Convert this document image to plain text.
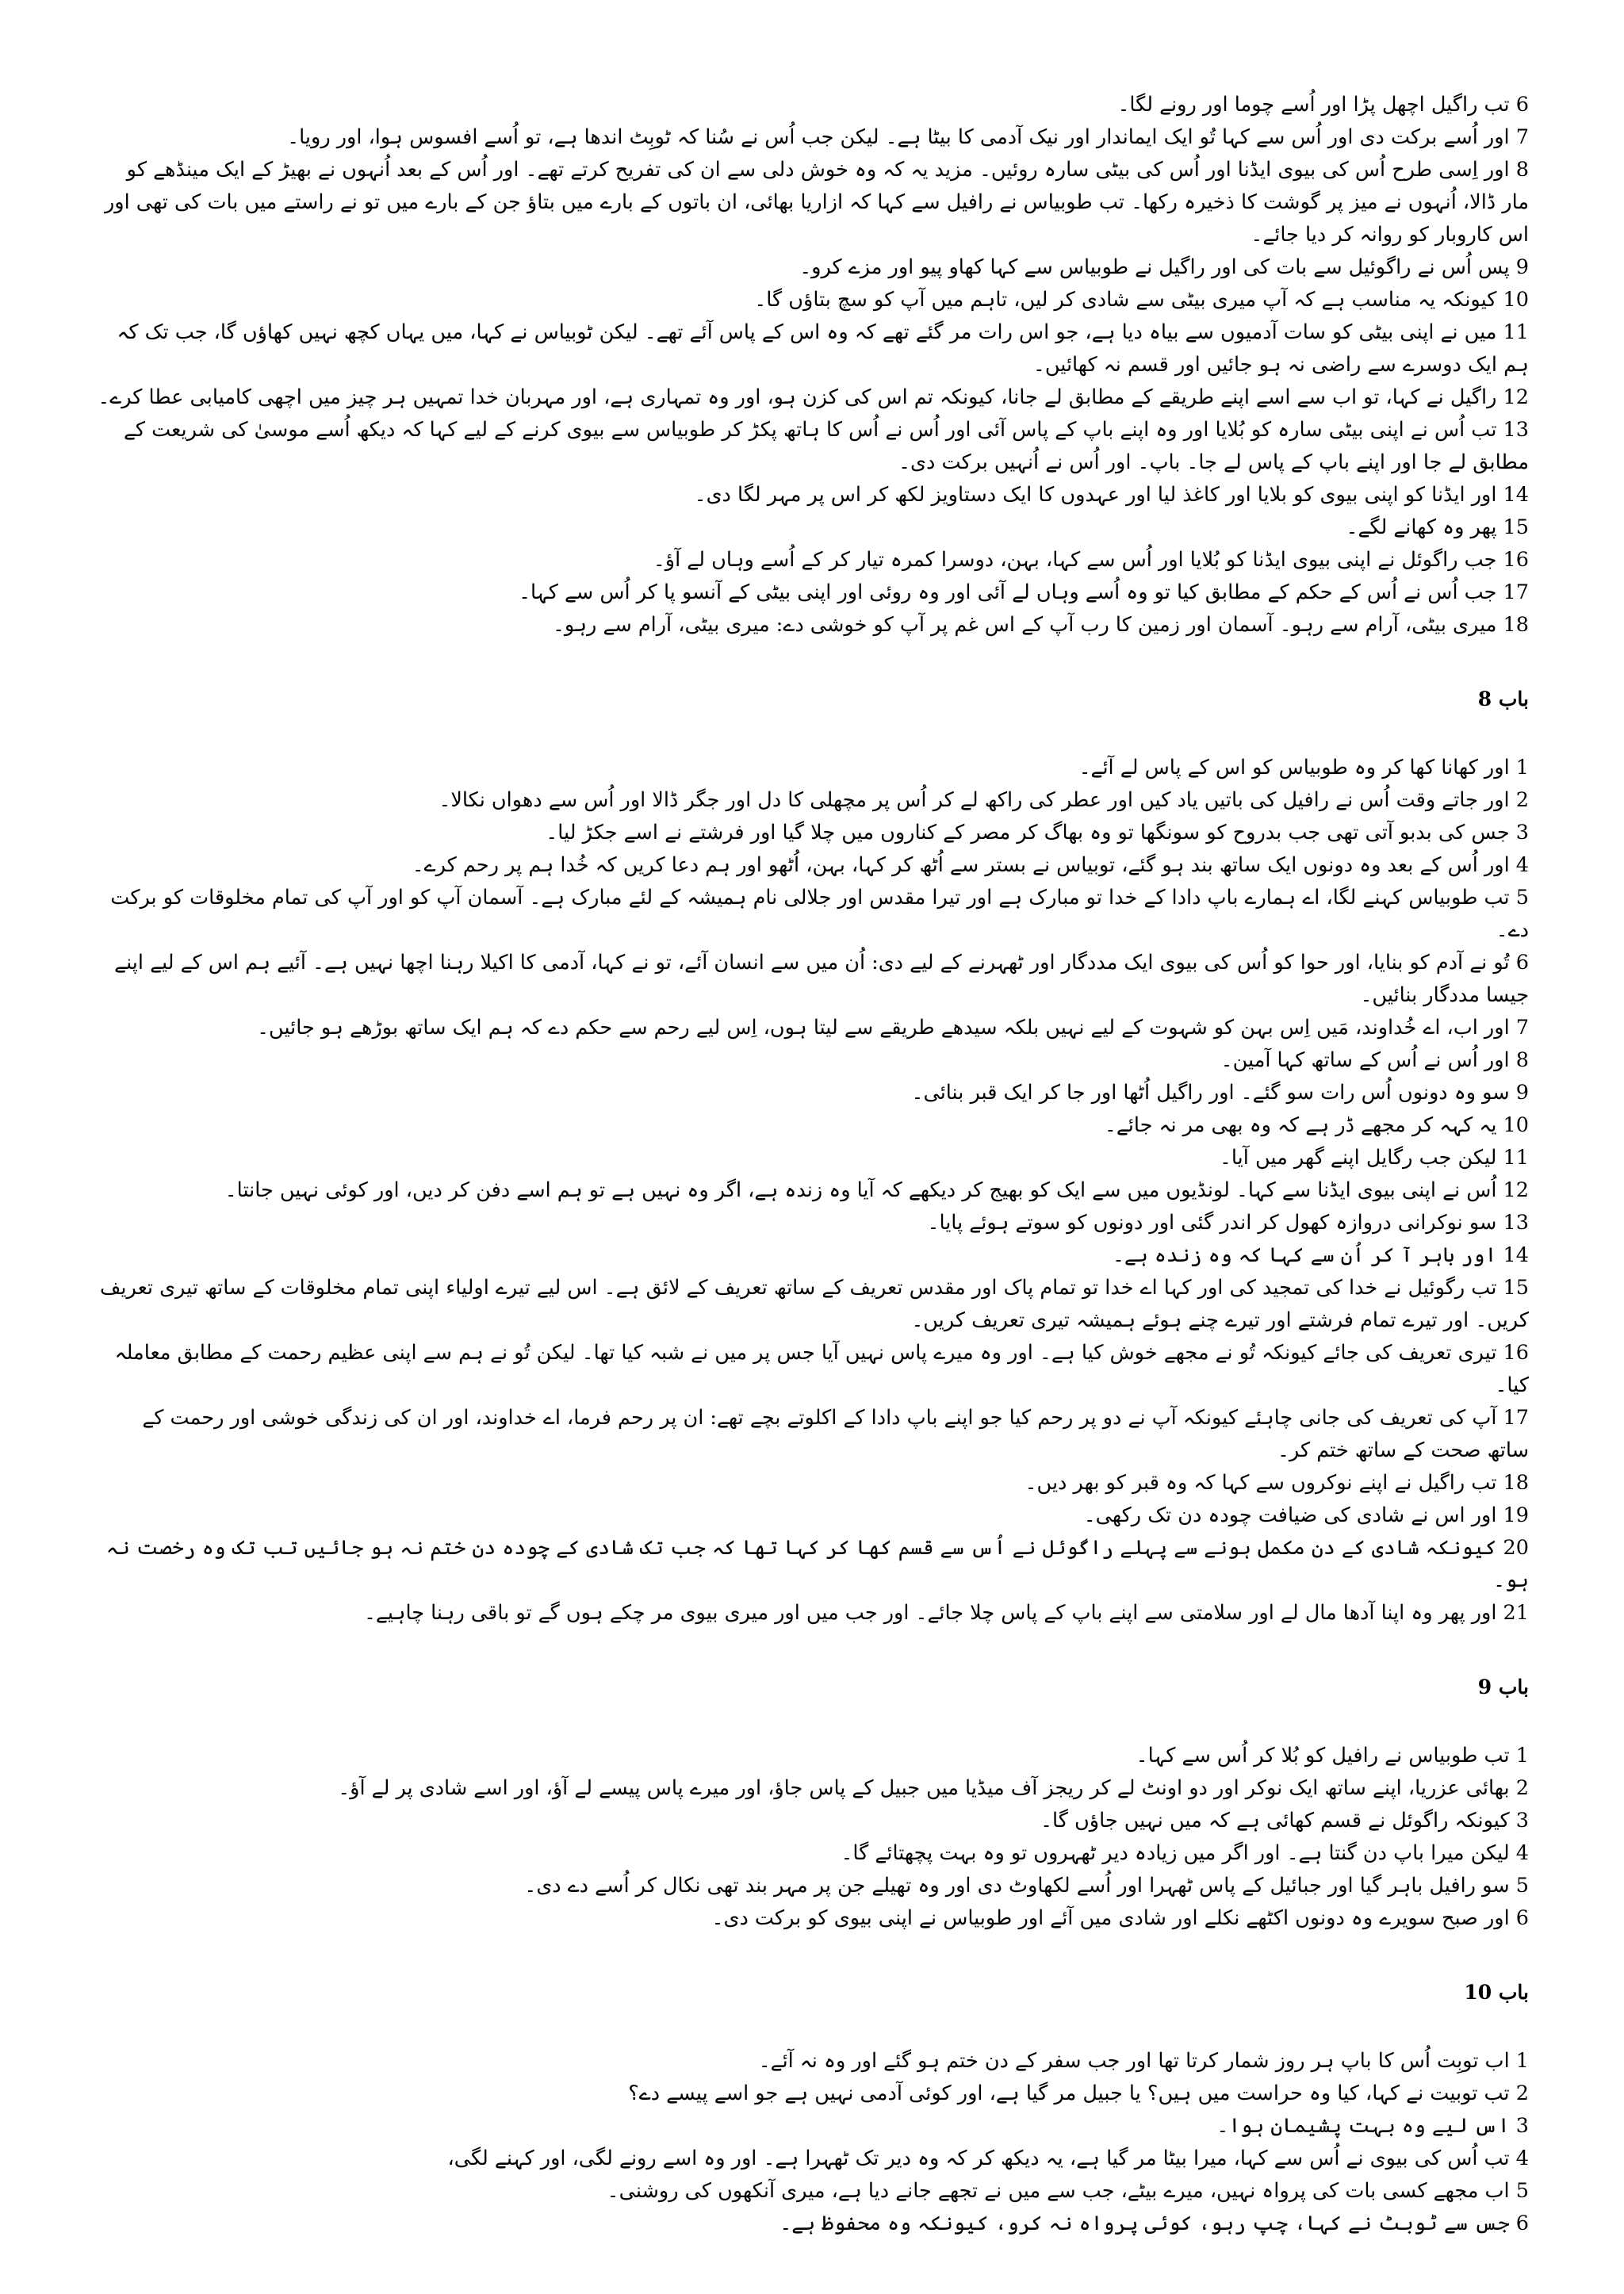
6 تب راگیل اچھل پڑا اور اُسے چوما اور رونے لگا۔

7 اور اُسے برکت دی اور اُس سے کہا تُو ایک ایماندار اور نیک آدمی کا بیٹا ہے۔ لیکن جب اُس نے سُنا کہ ٹوبِٹ اندھا ہے، تو اُسے افسوس ہوا، اور رویا۔

8 اور اِسی طرح اُس کی بیوی ایڈنا اور اُس کی بیٹی سارہ روئیں۔ مزید یہ کہ وہ خوش دلی سے ان کی تفریح کرتے تھے۔ اور اُس کے بعد اُنہوں نے بھیڑ کے ایک مینڈھے کو مار ڈالا، اُنہوں نے میز پر گوشت کا ذخیرہ رکھا۔ تب طوبیاس نے رافیل سے کہا کہ ازاریا بھائی، ان باتوں کے بارے میں بتاؤ جن کے بارے میں تو نے راستے میں بات کی تھی اور اس کاروبار کو روانہ کر دیا جائے۔

9 پس اُس نے راگوئیل سے بات کی اور راگیل نے طوبیاس سے کہا کھاو پیو اور مزے کرو۔

10 کیونکہ یہ مناسب ہے کہ آپ میری بیٹی سے شادی کر لیں، تاہم میں آپ کو سچ بتاؤں گا۔

11 میں نے اپنی بیٹی کو سات آدمیوں سے بیاہ دیا ہے، جو اس رات مر گئے تھے کہ وہ اس کے پاس آئے تھے۔ لیکن ٹوبیاس نے کہا، میں یہاں کچھ نہیں کھاؤں گا، جب تک کہ ہم ایک دوسرے سے راضی نہ ہو جائیں اور قسم نہ کھائیں۔

12 راگیل نے کہا، تو اب سے اسے اپنے طریقے کے مطابق لے جانا، کیونکہ تم اس کی کزن ہو، اور وہ تمہاری ہے، اور مہربان خدا تمہیں ہر چیز میں اچھی کامیابی عطا کرے۔

13 تب اُس نے اپنی بیٹی سارہ کو بُلایا اور وہ اپنے باپ کے پاس آئی اور اُس نے اُس کا ہاتھ پکڑ کر طوبیاس سے بیوی کرنے کے لیے کہا کہ دیکھ اُسے موسیٰ کی شریعت کے مطابق لے جا اور اپنے باپ کے پاس لے جا۔ باپ۔ اور اُس نے اُنہیں برکت دی۔

14 اور ایڈنا کو اپنی بیوی کو بلایا اور کاغذ لیا اور عہدوں کا ایک دستاویز لکھ کر اس پر مہر لگا دی۔

15 پھر وہ کھانے لگے۔

16 جب راگوئل نے اپنی بیوی ایڈنا کو بُلایا اور اُس سے کہا، بہن، دوسرا کمرہ تیار کر کے اُسے وہاں لے آؤ۔

17 جب اُس نے اُس کے حکم کے مطابق کیا تو وہ اُسے وہاں لے آئی اور وہ روئی اور اپنی بیٹی کے آنسو پا کر اُس سے کہا۔

18 میری بیٹی، آرام سے رہو۔ آسمان اور زمین کا رب آپ کے اس غم پر آپ کو خوشی دے: میری بیٹی، آرام سے رہو۔

باب 8

1 اور کھانا کھا کر وہ طوبیاس کو اس کے پاس لے آئے۔

2 اور جاتے وقت اُس نے رافیل کی باتیں یاد کیں اور عطر کی راکھ لے کر اُس پر مچھلی کا دل اور جگر ڈالا اور اُس سے دھواں نکالا۔

3 جس کی بدبو آتی تھی جب بدروح کو سونگھا تو وہ بھاگ کر مصر کے کناروں میں چلا گیا اور فرشتے نے اسے جکڑ لیا۔

4 اور اُس کے بعد وہ دونوں ایک ساتھ بند ہو گئے، توبیاس نے بستر سے اُٹھ کر کہا، بہن، اُٹھو اور ہم دعا کریں کہ خُدا ہم پر رحم کرے۔

5 تب طوبیاس کہنے لگا، اے ہمارے باپ دادا کے خدا تو مبارک ہے اور تیرا مقدس اور جلالی نام ہمیشہ کے لئے مبارک ہے۔ آسمان آپ کو اور آپ کی تمام مخلوقات کو برکت دے۔

6 تُو نے آدم کو بنایا، اور حوا کو اُس کی بیوی ایک مددگار اور ٹھہرنے کے لیے دی: اُن میں سے انسان آئے، تو نے کہا، آدمی کا اکیلا رہنا اچھا نہیں ہے۔ آئیے ہم اس کے لیے اپنے جیسا مددگار بنائیں۔

7 اور اب، اے خُداوند، مَیں اِس بہن کو شہوت کے لیے نہیں بلکہ سیدھے طریقے سے لیتا ہوں، اِس لیے رحم سے حکم دے کہ ہم ایک ساتھ بوڑھے ہو جائیں۔

8 اور اُس نے اُس کے ساتھ کہا آمین۔

9 سو وہ دونوں اُس رات سو گئے۔ اور راگیل اُٹھا اور جا کر ایک قبر بنائی۔

10 یہ کہہ کر مجھے ڈر ہے کہ وہ بھی مر نہ جائے۔

11 لیکن جب رگایل اپنے گھر میں آیا۔

12 اُس نے اپنی بیوی ایڈنا سے کہا۔ لونڈیوں میں سے ایک کو بھیج کر دیکھے کہ آیا وہ زندہ ہے، اگر وہ نہیں ہے تو ہم اسے دفن کر دیں، اور کوئی نہیں جانتا۔

13 سو نوکرانی دروازہ کھول کر اندر گئی اور دونوں کو سوتے ہوئے پایا۔

14 اور باہر آ کر اُن سے کہا کہ وہ زندہ ہے۔

15 تب رگوئیل نے خدا کی تمجید کی اور کہا اے خدا تو تمام پاک اور مقدس تعریف کے ساتھ تعریف کے لائق ہے۔ اس لیے تیرے اولیاء اپنی تمام مخلوقات کے ساتھ تیری تعریف کریں۔ اور تیرے تمام فرشتے اور تیرے چنے ہوئے ہمیشہ تیری تعریف کریں۔

16 تیری تعریف کی جائے کیونکہ تُو نے مجھے خوش کیا ہے۔ اور وہ میرے پاس نہیں آیا جس پر میں نے شبہ کیا تھا۔ لیکن تُو نے ہم سے اپنی عظیم رحمت کے مطابق معاملہ کیا۔

17 آپ کی تعریف کی جانی چاہئے کیونکہ آپ نے دو پر رحم کیا جو اپنے باپ دادا کے اکلوتے بچے تھے: ان پر رحم فرما، اے خداوند، اور ان کی زندگی خوشی اور رحمت کے ساتھ صحت کے ساتھ ختم کر۔

18 تب راگیل نے اپنے نوکروں سے کہا کہ وہ قبر کو بھر دیں۔

19 اور اس نے شادی کی ضیافت چودہ دن تک رکھی۔

20 کیونکہ شادی کے دن مکمل ہونے سے پہلے راگوئل نے اُس سے قسم کھا کر کہا تھا کہ جب تک شادی کے چودہ دن ختم نہ ہو جائیں تب تک وہ رخصت نہ ہو۔

21 اور پھر وہ اپنا آدھا مال لے اور سلامتی سے اپنے باپ کے پاس چلا جائے۔ اور جب میں اور میری بیوی مر چکے ہوں گے تو باقی رہنا چاہیے۔

باب 9

1 تب طوبیاس نے رافیل کو بُلا کر اُس سے کہا۔

2 بھائی عزریا، اپنے ساتھ ایک نوکر اور دو اونٹ لے کر ریجز آف میڈیا میں جبیل کے پاس جاؤ، اور میرے پاس پیسے لے آؤ، اور اسے شادی پر لے آؤ۔

3 کیونکہ راگوئل نے قسم کھائی ہے کہ میں نہیں جاؤں گا۔

4 لیکن میرا باپ دن گنتا ہے۔ اور اگر میں زیادہ دیر ٹھہروں تو وہ بہت پچھتائے گا۔

5 سو رافیل باہر گیا اور جبائیل کے پاس ٹھہرا اور اُسے لکھاوٹ دی اور وہ تھیلے جن پر مہر بند تھی نکال کر اُسے دے دی۔

6 اور صبح سویرے وہ دونوں اکٹھے نکلے اور شادی میں آئے اور طوبیاس نے اپنی بیوی کو برکت دی۔

باب 10

1 اب توبِت اُس کا باپ ہر روز شمار کرتا تھا اور جب سفر کے دن ختم ہو گئے اور وہ نہ آئے۔

2 تب توبیت نے کہا، کیا وہ حراست میں ہیں؟ یا جبیل مر گیا ہے، اور کوئی آدمی نہیں ہے جو اسے پیسے دے؟

3 اس لیے وہ بہت پشیمان ہوا۔

4 تب اُس کی بیوی نے اُس سے کہا، میرا بیٹا مر گیا ہے، یہ دیکھ کر کہ وہ دیر تک ٹھہرا ہے۔ اور وہ اسے رونے لگی، اور کہنے لگی،

5 اب مجھے کسی بات کی پرواہ نہیں، میرے بیٹے، جب سے میں نے تجھے جانے دیا ہے، میری آنکھوں کی روشنی۔

6 جس سے ٹوبٹ نے کہا، چپ رہو، کوئی پرواہ نہ کرو، کیونکہ وہ محفوظ ہے۔
